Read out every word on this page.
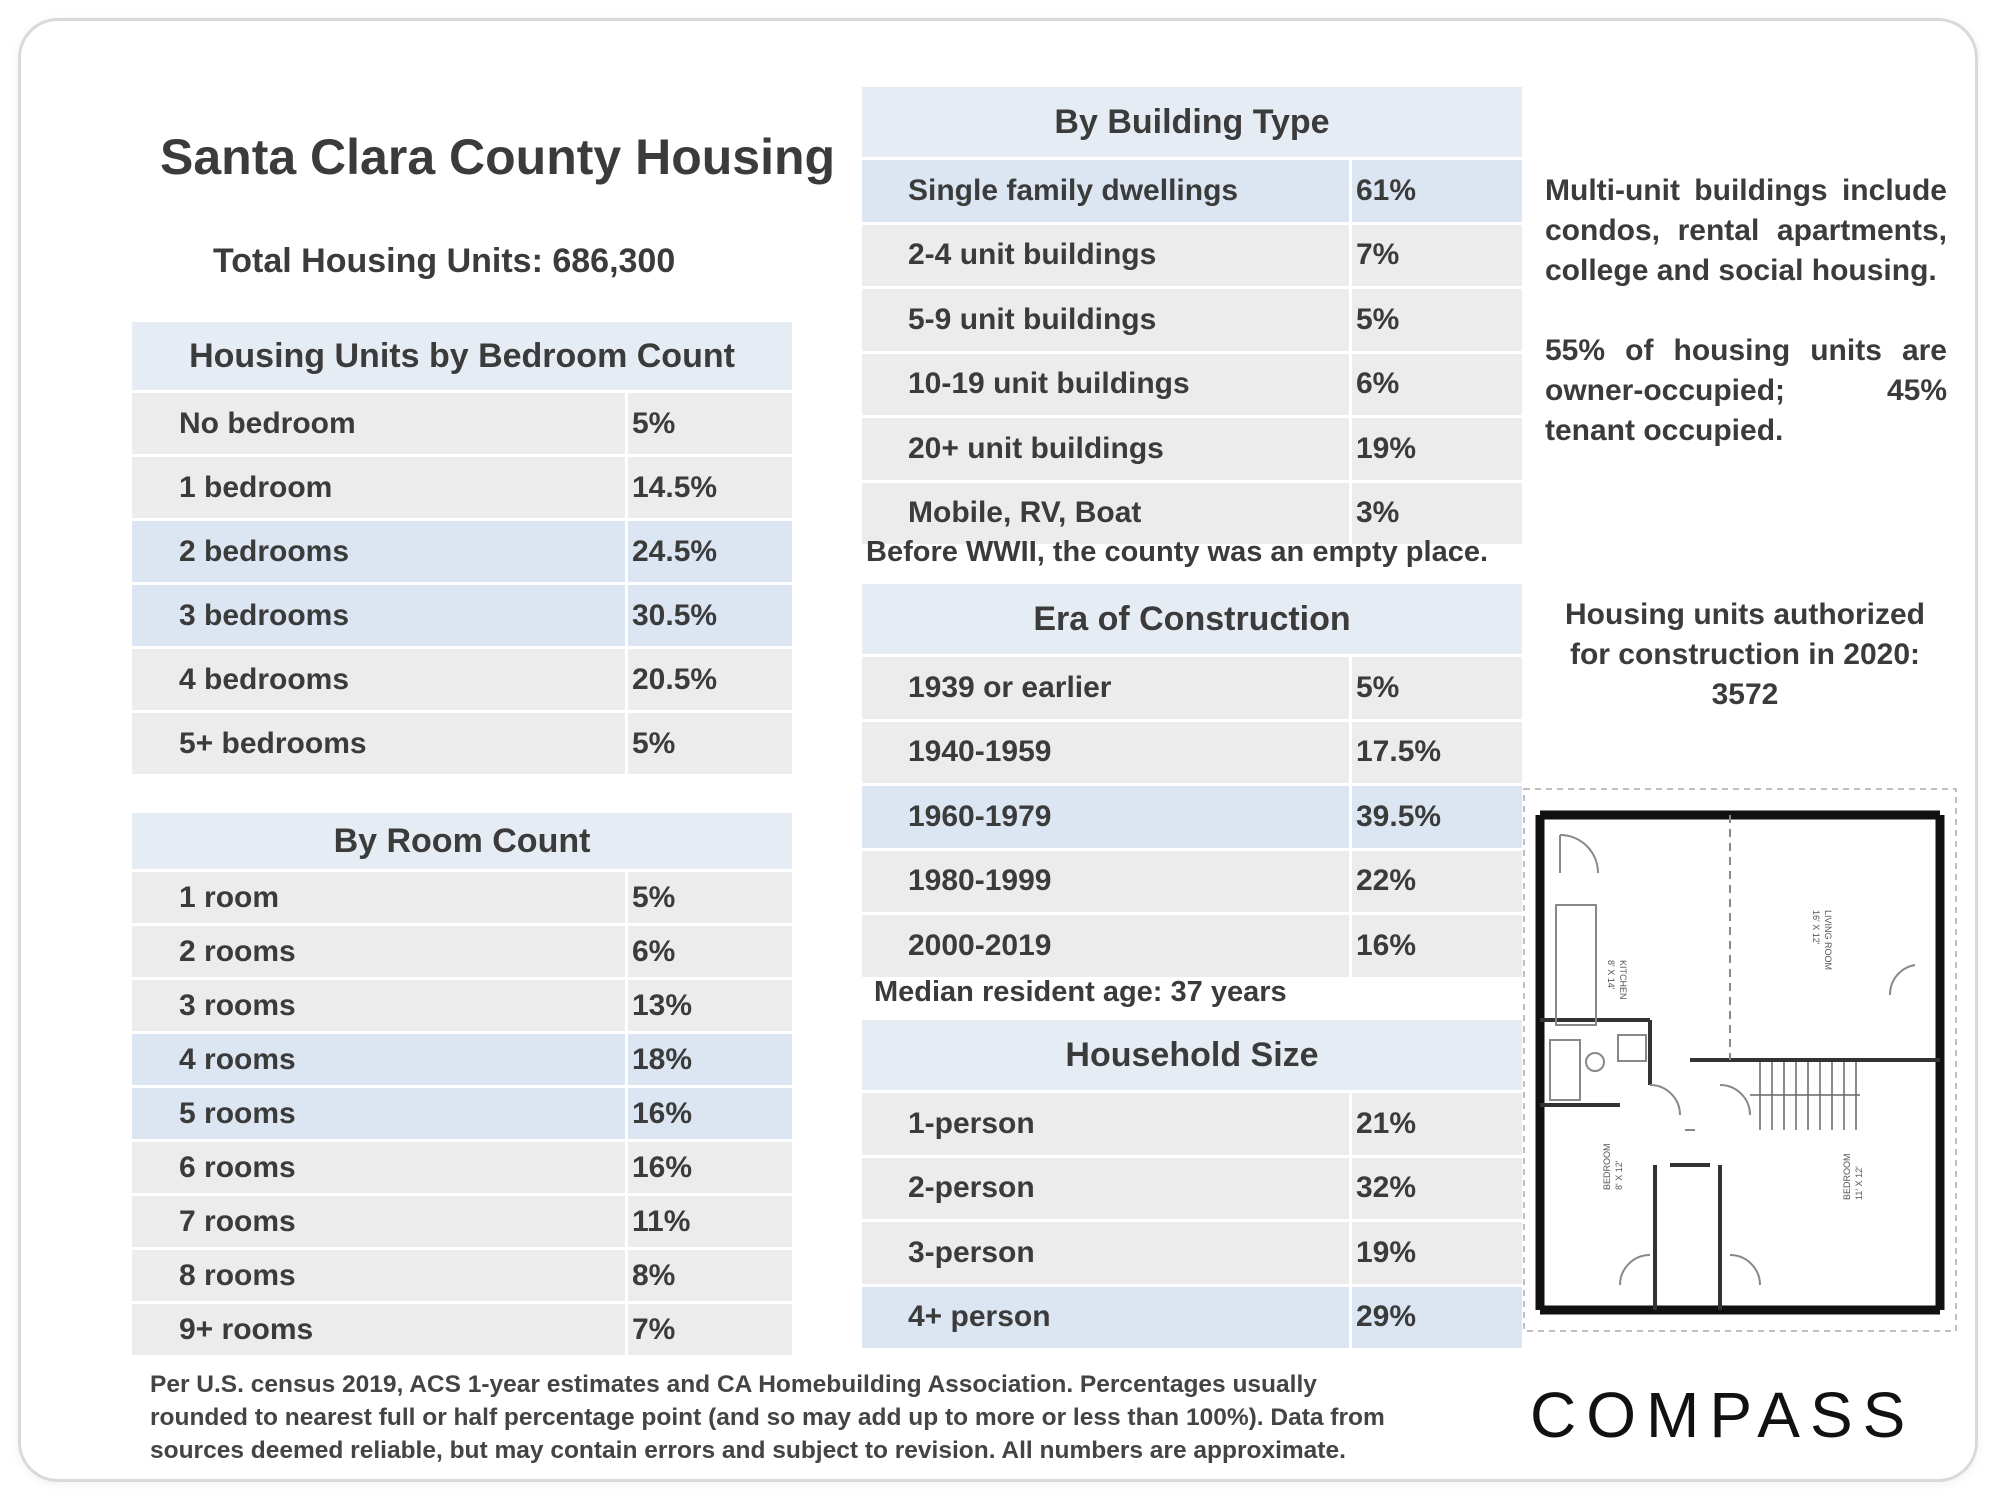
Santa Clara County Housing
Total Housing Units: 686,300
Housing Units by Bedroom Count
No bedroom	5%
1 bedroom	14.5%
2 bedrooms	24.5%
3 bedrooms	30.5%
4 bedrooms	20.5%
5+ bedrooms	5%
By Room Count
1 room	5%
2 rooms	6%
3 rooms	13%
4 rooms	18%
5 rooms	16%
6 rooms	16%
7 rooms	11%
8 rooms	8%
9+ rooms	7%
By Building Type
Single family dwellings	61%
2-4 unit buildings	7%
5-9 unit buildings	5%
10-19 unit buildings	6%
20+ unit buildings	19%
Mobile, RV, Boat	3%
Before WWII, the county was an empty place.
Era of Construction
1939 or earlier	5%
1940-1959	17.5%
1960-1979	39.5%
1980-1999	22%
2000-2019	16%
Median resident age: 37 years
Household Size
1-person	21%
2-person	32%
3-person	19%
4+ person	29%
Multi-unit buildings include condos, rental apartments, college and social housing.
55% of housing units are owner-occupied; 45% tenant occupied.
Housing units authorized
for construction in 2020:
3572
KITCHEN
8' X 14'
LIVING ROOM
16' X 12'
BEDROOM 8' X 12'	BEDROOM 11' X 12'
Per U.S. census 2019, ACS 1-year estimates and CA Homebuilding Association. Percentages usually rounded to nearest full or half percentage point (and so may add up to more or less than 100%). Data from sources deemed reliable, but may contain errors and subject to revision. All numbers are approximate.	COMPASS
